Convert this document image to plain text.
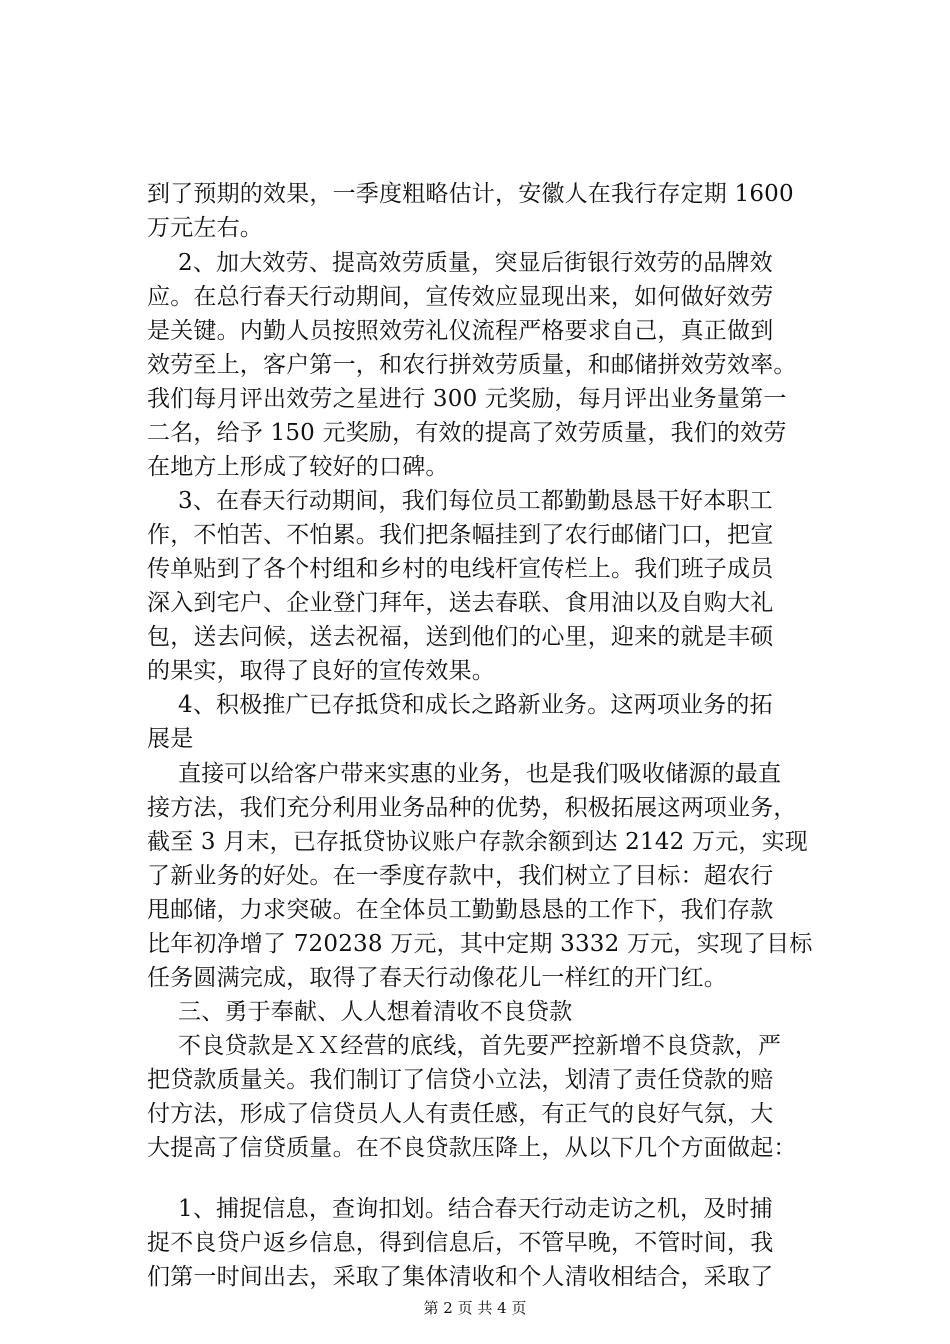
到了预期的效果，一季度粗略估计，安徽人在我行存定期 1600
万元左右。
2、加大效劳、提高效劳质量，突显后街银行效劳的品牌效
应。在总行春天行动期间，宣传效应显现出来，如何做好效劳
是关键。内勤人员按照效劳礼仪流程严格要求自己，真正做到
效劳至上，客户第一，和农行拼效劳质量，和邮储拼效劳效率。
我们每月评出效劳之星进行 300 元奖励，每月评出业务量第一
二名，给予 150 元奖励，有效的提高了效劳质量，我们的效劳
在地方上形成了较好的口碑。
3、在春天行动期间，我们每位员工都勤勤恳恳干好本职工
作，不怕苦、不怕累。我们把条幅挂到了农行邮储门口，把宣
传单贴到了各个村组和乡村的电线杆宣传栏上。我们班子成员
深入到宅户、企业登门拜年，送去春联、食用油以及自购大礼
包，送去问候，送去祝福，送到他们的心里，迎来的就是丰硕
的果实，取得了良好的宣传效果。
4、积极推广已存抵贷和成长之路新业务。这两项业务的拓
展是
直接可以给客户带来实惠的业务，也是我们吸收储源的最直
接方法，我们充分利用业务品种的优势，积极拓展这两项业务，
截至 3 月末，已存抵贷协议账户存款余额到达 2142 万元，实现
了新业务的好处。在一季度存款中，我们树立了目标：超农行
甩邮储，力求突破。在全体员工勤勤恳恳的工作下，我们存款
比年初净增了 720238 万元，其中定期 3332 万元，实现了目标
任务圆满完成，取得了春天行动像花儿一样红的开门红。
三、勇于奉献、人人想着清收不良贷款
不良贷款是ＸＸ经营的底线，首先要严控新增不良贷款，严
把贷款质量关。我们制订了信贷小立法，划清了责任贷款的赔
付方法，形成了信贷员人人有责任感，有正气的良好气氛，大
大提高了信贷质量。在不良贷款压降上，从以下几个方面做起：
1、捕捉信息，查询扣划。结合春天行动走访之机，及时捕
捉不良贷户返乡信息，得到信息后，不管早晚，不管时间，我
们第一时间出去，采取了集体清收和个人清收相结合，采取了
第 2 页 共 4 页
